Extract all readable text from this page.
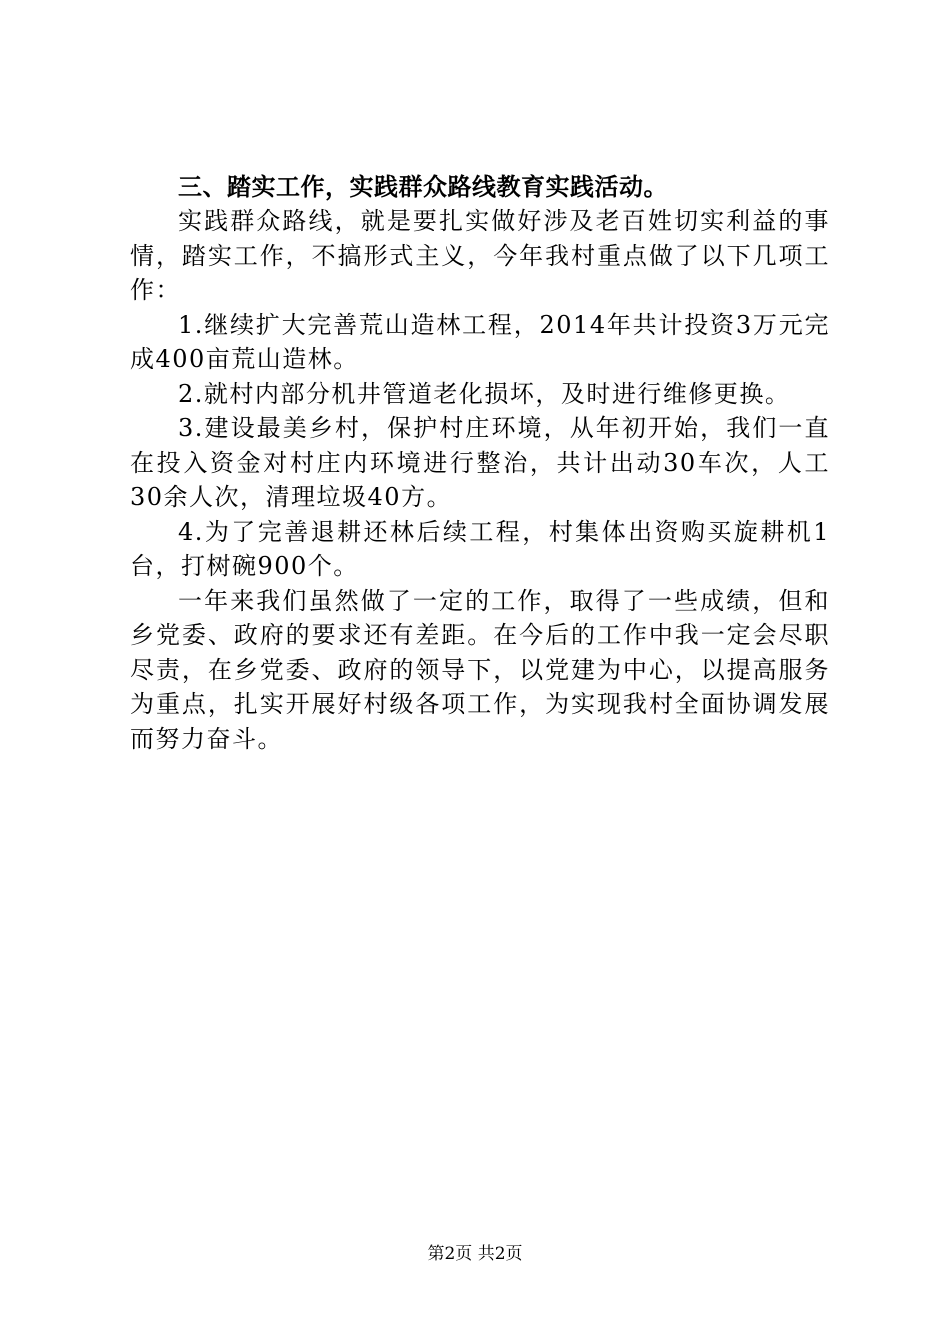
三、踏实工作，实践群众路线教育实践活动。

实践群众路线，就是要扎实做好涉及老百姓切实利益的事情，踏实工作，不搞形式主义，今年我村重点做了以下几项工作：

1.继续扩大完善荒山造林工程，2014年共计投资3万元完成400亩荒山造林。

2.就村内部分机井管道老化损坏，及时进行维修更换。

3.建设最美乡村，保护村庄环境，从年初开始，我们一直在投入资金对村庄内环境进行整治，共计出动30车次，人工30余人次，清理垃圾40方。

4.为了完善退耕还林后续工程，村集体出资购买旋耕机1台，打树碗900个。

一年来我们虽然做了一定的工作，取得了一些成绩，但和乡党委、政府的要求还有差距。在今后的工作中我一定会尽职尽责，在乡党委、政府的领导下，以党建为中心，以提高服务为重点，扎实开展好村级各项工作，为实现我村全面协调发展而努力奋斗。

第2页 共2页
